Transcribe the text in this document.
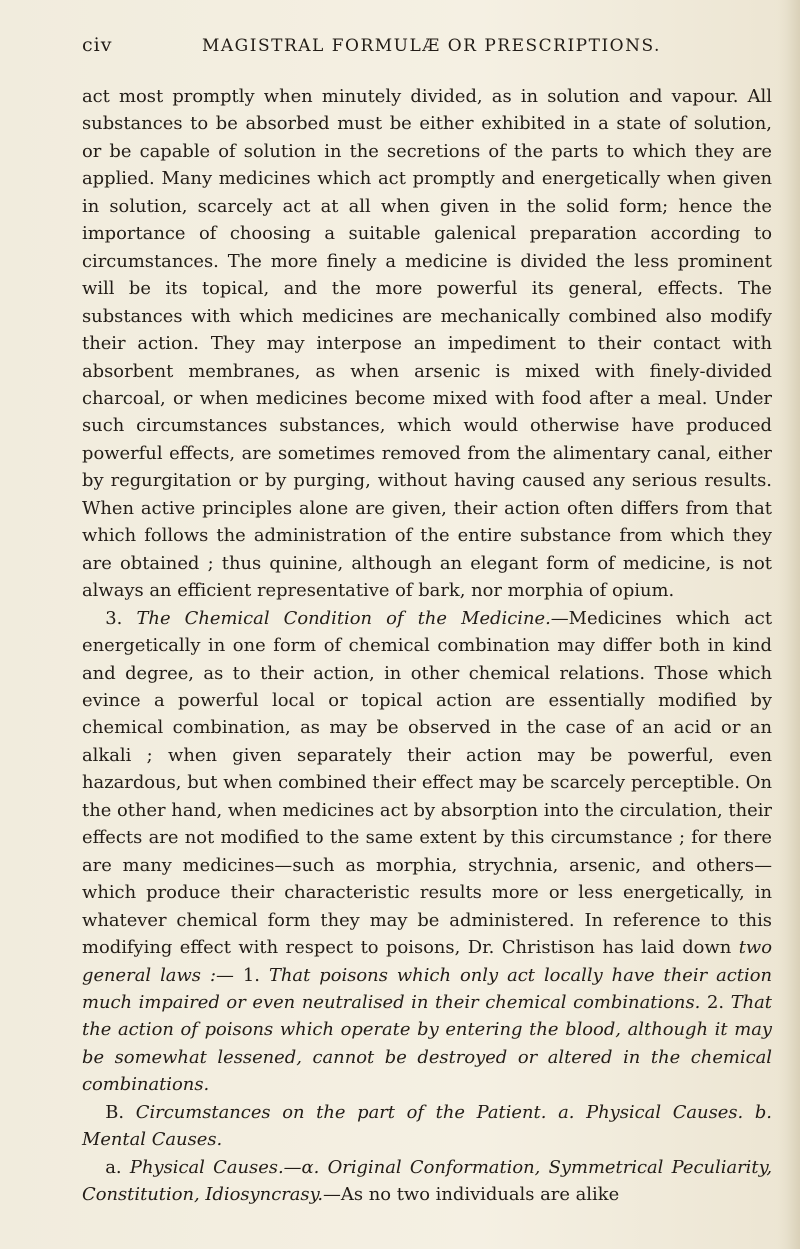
civ	MAGISTRAL FORMULÆ OR PRESCRIPTIONS.

act most promptly when minutely divided, as in solution and vapour. All substances to be absorbed must be either exhibited in a state of solution, or be capable of solution in the secretions of the parts to which they are applied. Many medicines which act promptly and energetically when given in solution, scarcely act at all when given in the solid form; hence the importance of choosing a suitable galenical preparation according to circumstances. The more finely a medicine is divided the less prominent will be its topical, and the more powerful its general, effects. The substances with which medicines are mechanically combined also modify their action. They may interpose an impediment to their contact with absorbent membranes, as when arsenic is mixed with finely-divided charcoal, or when medicines become mixed with food after a meal. Under such circumstances substances, which would otherwise have produced powerful effects, are sometimes removed from the alimentary canal, either by regurgitation or by purging, without having caused any serious results. When active principles alone are given, their action often differs from that which follows the administration of the entire substance from which they are obtained ; thus quinine, although an elegant form of medicine, is not always an efficient representative of bark, nor morphia of opium.

3. The Chemical Condition of the Medicine.—Medicines which act energetically in one form of chemical combination may differ both in kind and degree, as to their action, in other chemical relations. Those which evince a powerful local or topical action are essentially modified by chemical combination, as may be observed in the case of an acid or an alkali ; when given separately their action may be powerful, even hazardous, but when combined their effect may be scarcely perceptible. On the other hand, when medicines act by absorption into the circulation, their effects are not modified to the same extent by this circumstance ; for there are many medicines—such as morphia, strychnia, arsenic, and others—which produce their characteristic results more or less energetically, in whatever chemical form they may be administered. In reference to this modifying effect with respect to poisons, Dr. Christison has laid down two general laws :— 1. That poisons which only act locally have their action much impaired or even neutralised in their chemical combinations. 2. That the action of poisons which operate by entering the blood, although it may be somewhat lessened, cannot be destroyed or altered in the chemical combinations.

B. Circumstances on the part of the Patient. a. Physical Causes. b. Mental Causes.

a. Physical Causes.—α. Original Conformation, Symmetrical Peculiarity, Constitution, Idiosyncrasy.—As no two individuals are alike
